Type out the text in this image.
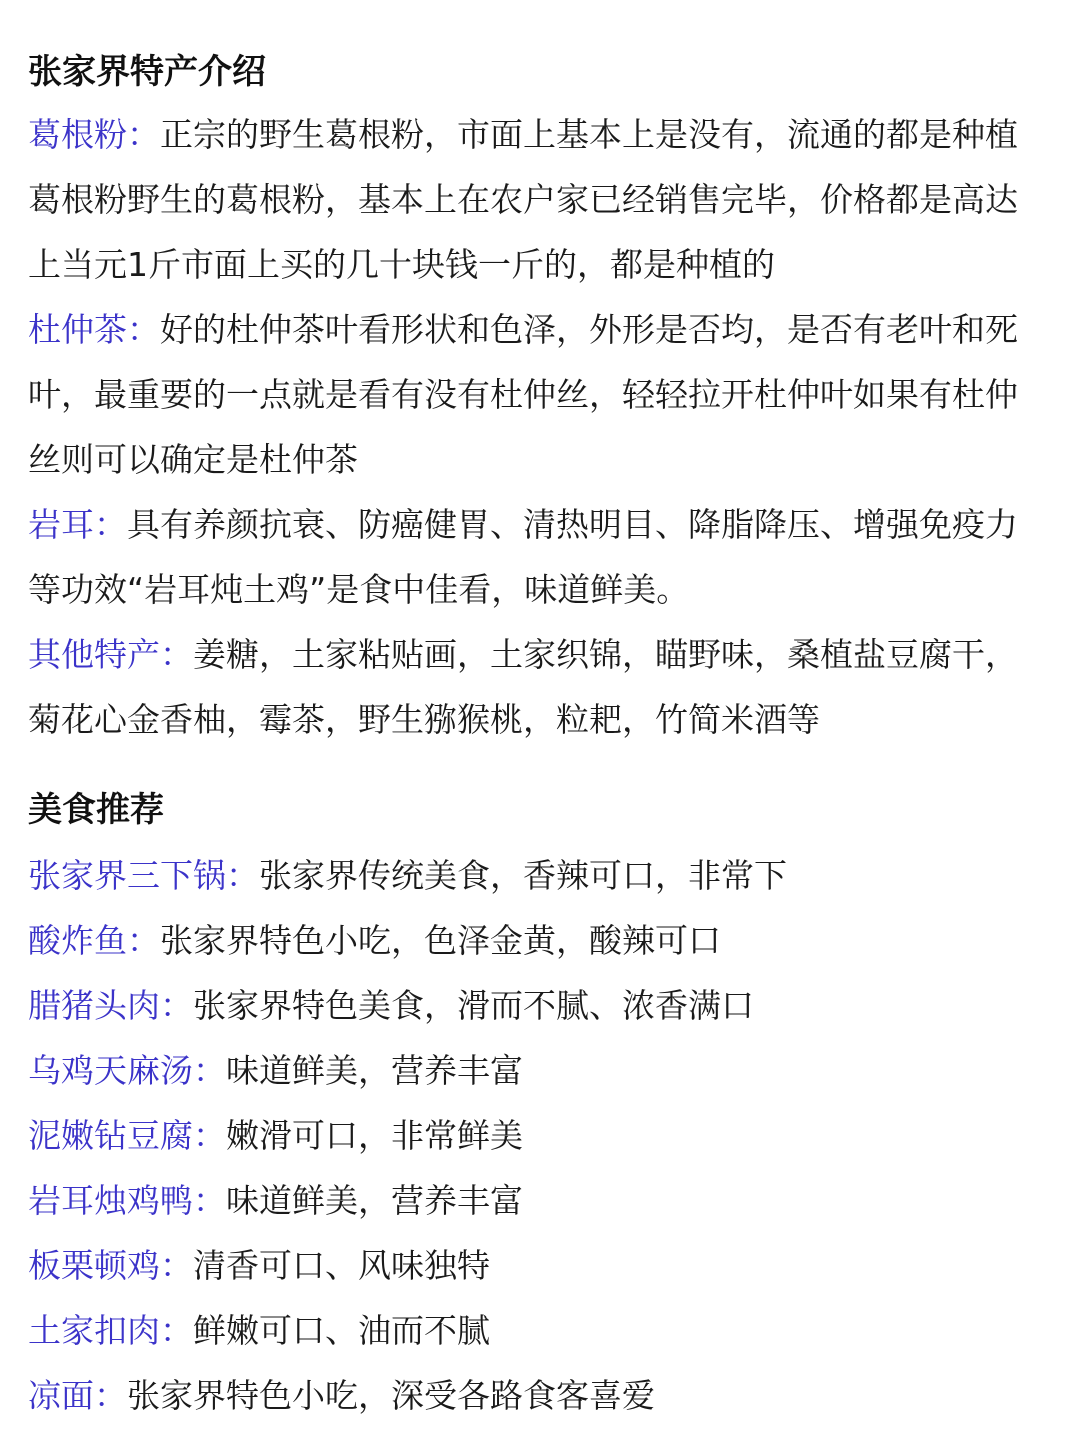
张家界特产介绍
葛根粉：正宗的野生葛根粉，市面上基本上是没有，流通的都是种植葛根粉野生的葛根粉，基本上在农户家已经销售完毕，价格都是高达上当元1斤市面上买的几十块钱一斤的，都是种植的
杜仲茶：好的杜仲茶叶看形状和色泽，外形是否均，是否有老叶和死叶，最重要的一点就是看有没有杜仲丝，轻轻拉开杜仲叶如果有杜仲丝则可以确定是杜仲茶
岩耳：具有养颜抗衰、防癌健胃、清热明目、降脂降压、增强免疫力等功效“岩耳炖土鸡”是食中佳看，味道鲜美。
其他特产：姜糖，土家粘贴画，土家织锦，瞄野味，桑植盐豆腐干，菊花心金香柚，霉茶，野生猕猴桃，粒耙，竹简米酒等
美食推荐
张家界三下锅：张家界传统美食，香辣可口，非常下
酸炸鱼：张家界特色小吃，色泽金黄，酸辣可口
腊猪头肉：张家界特色美食，滑而不腻、浓香满口
乌鸡天麻汤：味道鲜美，营养丰富
泥嫩钻豆腐：嫩滑可口，非常鲜美
岩耳烛鸡鸭：味道鲜美，营养丰富
板栗顿鸡：清香可口、风味独特
土家扣肉：鲜嫩可口、油而不腻
凉面：张家界特色小吃，深受各路食客喜爱
